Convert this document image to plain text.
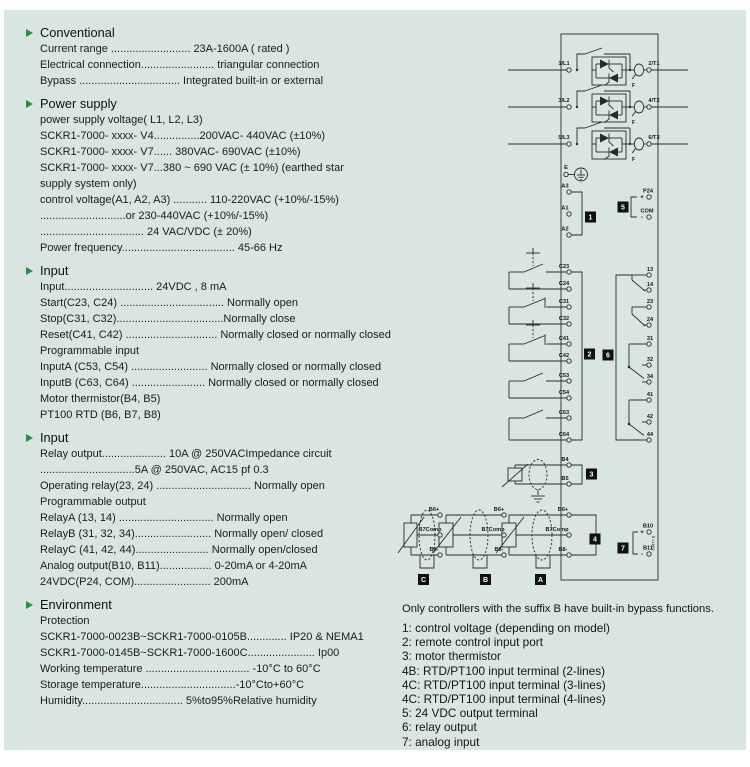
Conventional
Current range .......................... 23A-1600A ( rated )
Electrical connection........................ triangular connection
Bypass ................................. Integrated built-in or external
Power supply
power supply voltage( L1, L2, L3)
SCKR1-7000- xxxx- V4...............200VAC- 440VAC (±10%)
SCKR1-7000- xxxx- V7...... 380VAC- 690VAC (±10%)
SCKR1-7000- xxxx- V7...380 ~ 690 VAC (± 10%) (earthed star
supply system only)
control voltage(A1, A2, A3) ........... 110-220VAC (+10%/-15%)
............................or 230-440VAC (+10%/-15%)
.................................. 24 VAC/VDC (± 20%)
Power frequency..................................... 45-66 Hz
Input
Input............................. 24VDC , 8 mA
Start(C23, C24) .................................. Normally open
Stop(C31, C32)...................................Normally close
Reset(C41, C42) .............................. Normally closed or normally closed
Programmable input
InputA (C53, C54) ......................... Normally closed or normally closed
InputB (C63, C64) ........................ Normally closed or normally closed
Motor thermistor(B4, B5)
PT100 RTD (B6, B7, B8)
Input
Relay output..................... 10A @ 250VACImpedance circuit
...............................5A @ 250VAC, AC15 pf 0.3
Operating relay(23, 24) ............................... Normally open
Programmable output
RelayA (13, 14) ............................... Normally open
RelayB (31, 32, 34)......................... Normally open/ closed
RelayC (41, 42, 44)........................ Normally open/closed
Analog output(B10, B11)................. 0-20mA or 4-20mA
24VDC(P24, COM)......................... 200mA
Environment
Protection
SCKR1-7000-0023B~SCKR1-7000-0105B............. IP20 & NEMA1
SCKR1-7000-0145B~SCKR1-7000-1600C...................... Ip00
Working temperature .................................. -10°C to 60°C
Storage temperature...............................-10°Cto+60°C
Humidity................................. 5%to95%Relative humidity
1/L1	2/T1
F
3/L2	4/T2
F
5/L3	6/T3
F
E
A3
A1
A2
1
P24
+
COM
-
5
C23
C24
C31
C32
C41
C42
C53
C54
C63
C64
2 6
13
14
23
24
31
32
34
41
42
44
B4
B5
3
B6+
B7Comp
B8-
4
A
B6+
B7Comp
B8-
B
B6+
B7Comp
B8-
C
B10
+
B11
-
7	04477.B
Only controllers with the suffix B have built-in bypass functions.
1: control voltage (depending on model)
2: remote control input port
3: motor thermistor
4B: RTD/PT100 input terminal (2-lines)
4C: RTD/PT100 input terminal (3-lines)
4C: RTD/PT100 input terminal (4-lines)
5: 24 VDC output terminal
6: relay output
7: analog input
